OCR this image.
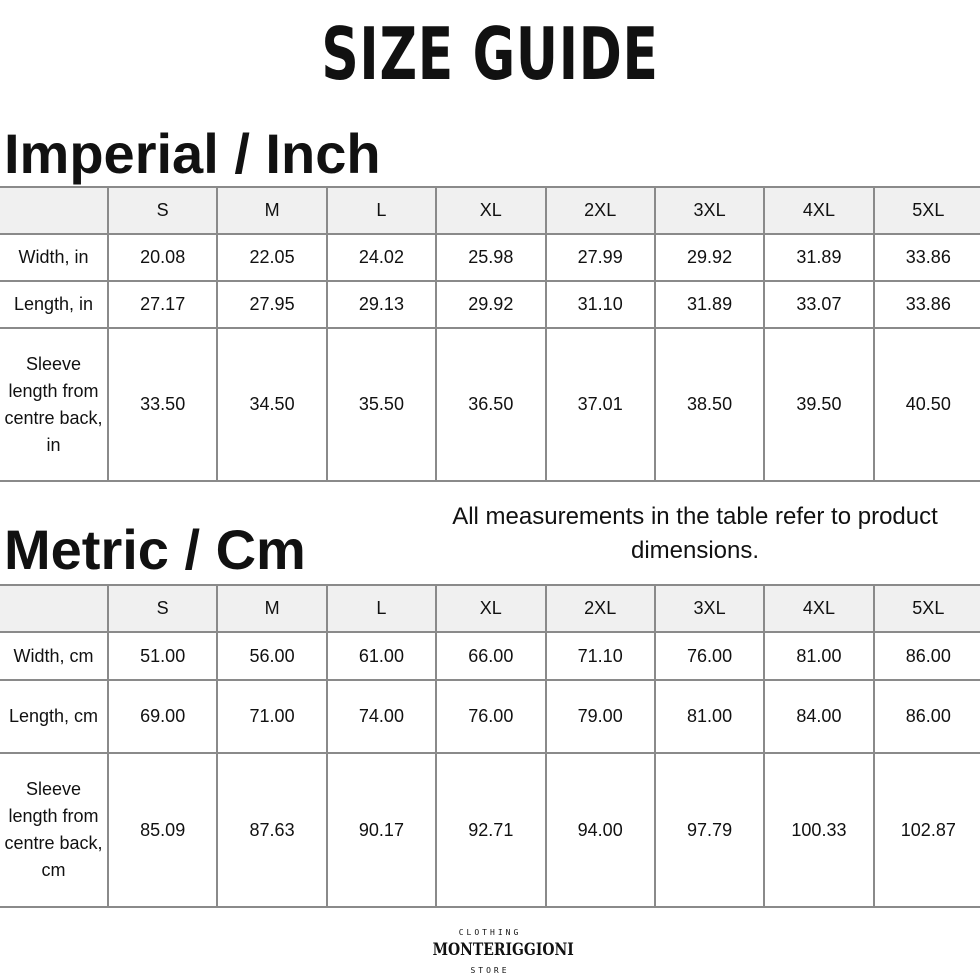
SIZE GUIDE
Imperial / Inch
	S	M	L	XL	2XL	3XL	4XL	5XL
Width, in	20.08	22.05	24.02	25.98	27.99	29.92	31.89	33.86
Length, in	27.17	27.95	29.13	29.92	31.10	31.89	33.07	33.86
Sleeve length from centre back, in	33.50	34.50	35.50	36.50	37.01	38.50	39.50	40.50
Metric / Cm
All measurements in the table refer to product dimensions.
	S	M	L	XL	2XL	3XL	4XL	5XL
Width, cm	51.00	56.00	61.00	66.00	71.10	76.00	81.00	86.00
Length, cm	69.00	71.00	74.00	76.00	79.00	81.00	84.00	86.00
Sleeve length from centre back, cm	85.09	87.63	90.17	92.71	94.00	97.79	100.33	102.87
CLOTHING
MONTERIGGIONI
STORE
